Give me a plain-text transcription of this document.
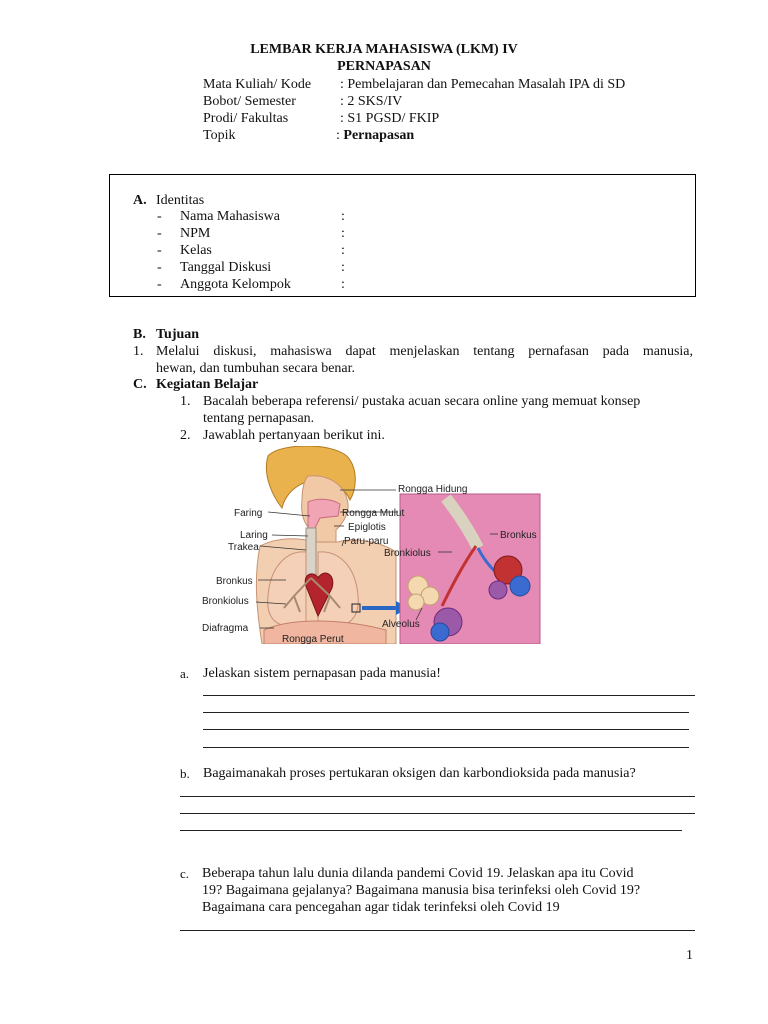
LEMBAR KERJA MAHASISWA (LKM) IV
PERNAPASAN
Mata Kuliah/ Kode : Pembelajaran dan Pemecahan Masalah IPA di SD
Bobot/ Semester	: 2 SKS/IV
Prodi/ Fakultas	: S1 PGSD/ FKIP
Topik	: Pernapasan
A. Identitas
- Nama Mahasiswa	:
- NPM	:
- Kelas	:
- Tanggal Diskusi	:
- Anggota Kelompok	:
B. Tujuan
1. Melalui diskusi, mahasiswa dapat menjelaskan tentang pernafasan pada manusia,
hewan, dan tumbuhan secara benar.
C. Kegiatan Belajar
1. Bacalah beberapa referensi/ pustaka acuan secara online yang memuat konsep
tentang pernapasan.
2. Jawablah pertanyaan berikut ini.
Rongga Hidung
Faring	Rongga Mulut
Laring
Epiglotis
Trakea
Paru-paru
Bronkus
Bronkiolus
Diafragma
Rongga Perut
Bronkus
Bronkiolus
Alveolus
a. Jelaskan sistem pernapasan pada manusia!
b. Bagaimanakah proses pertukaran oksigen dan karbondioksida pada manusia?
c. Beberapa tahun lalu dunia dilanda pandemi Covid 19. Jelaskan apa itu Covid
19? Bagaimana gejalanya? Bagaimana manusia bisa terinfeksi oleh Covid 19?
Bagaimana cara pencegahan agar tidak terinfeksi oleh Covid 19
1
